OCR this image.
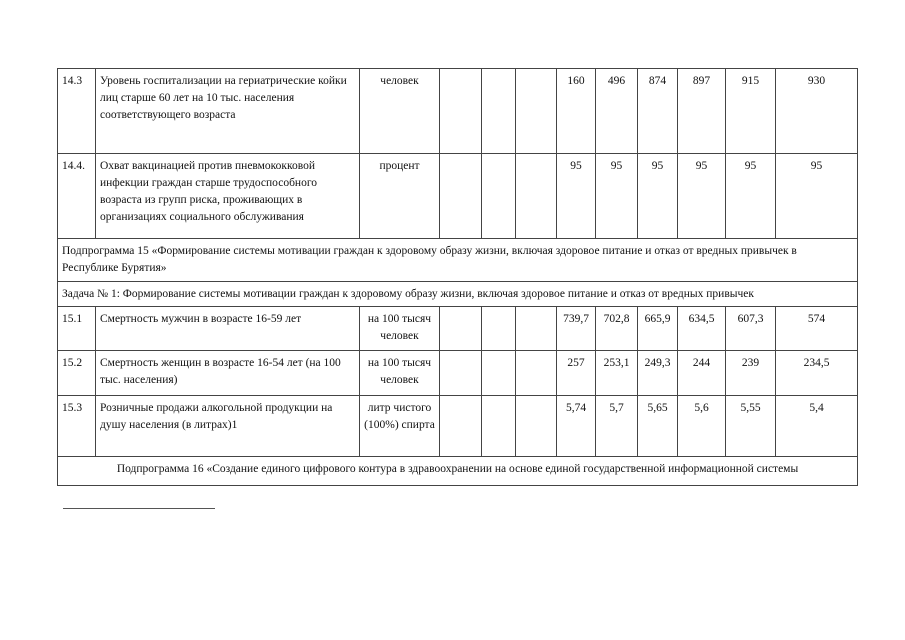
14.3	Уровень госпитализации на гериатрические койки лиц старше 60 лет на 10 тыс. населения соответствующего возраста	человек				160	496	874	897	915	930
14.4.	Охват вакцинацией против пневмококковой инфекции граждан старше трудоспособного возраста из групп риска, проживающих в организациях социального обслуживания	процент				95	95	95	95	95	95
Подпрограмма 15 «Формирование системы мотивации граждан к здоровому образу жизни, включая здоровое питание и отказ от вредных привычек в Республике Бурятия»											
Задача № 1: Формирование системы мотивации граждан к здоровому образу жизни, включая здоровое питание и отказ от вредных привычек											
15.1	Смертность мужчин в возрасте 16-59 лет	на 100 тысяч человек				739,7	702,8	665,9	634,5	607,3	574
15.2	Смертность женщин в возрасте 16-54 лет (на 100 тыс. населения)	на 100 тысяч человек				257	253,1	249,3	244	239	234,5
15.3	Розничные продажи алкогольной продукции на душу населения (в литрах)1	литр чистого (100%) спирта				5,74	5,7	5,65	5,6	5,55	5,4
Подпрограмма 16 «Создание единого цифрового контура в здравоохранении на основе единой государственной информационной системы											
